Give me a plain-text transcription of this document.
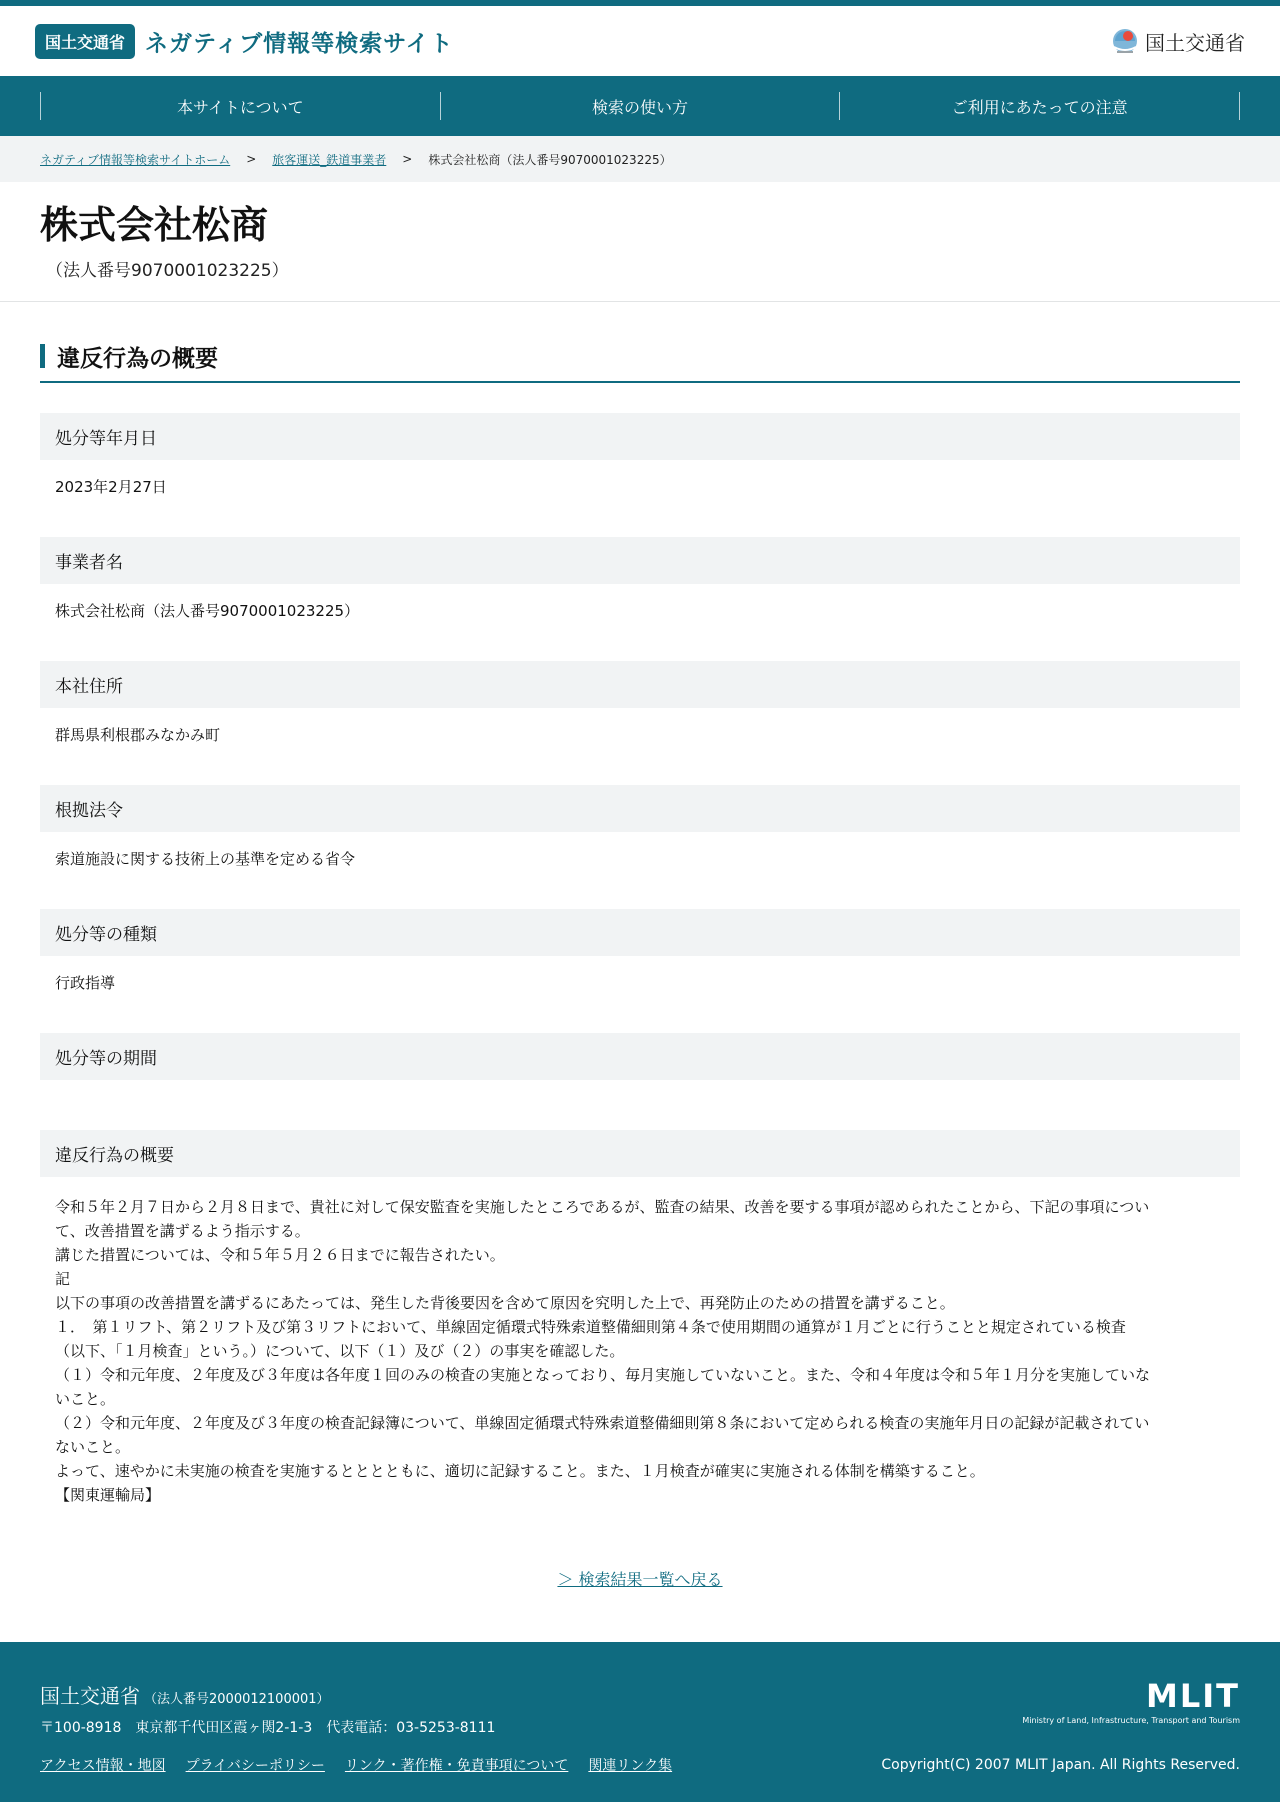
国土交通省 ネガティブ情報等検索サイト	国土交通省
本サイトについて	検索の使い方	ご利用にあたっての注意
ネガティブ情報等検索サイトホーム > 旅客運送_鉄道事業者 > 株式会社松商（法人番号9070001023225）
株式会社松商
（法人番号9070001023225）
違反行為の概要
処分等年月日
2023年2月27日
事業者名
株式会社松商（法人番号9070001023225）
本社住所
群馬県利根郡みなかみ町
根拠法令
索道施設に関する技術上の基準を定める省令
処分等の種類
行政指導
処分等の期間
違反行為の概要

令和５年２月７日から２月８日まで、貴社に対して保安監査を実施したところであるが、監査の結果、改善を要する事項が認められたことから、下記の事項につい

て、改善措置を講ずるよう指示する。

講じた措置については、令和５年５月２６日までに報告されたい。

記

以下の事項の改善措置を講ずるにあたっては、発生した背後要因を含めて原因を究明した上で、再発防止のための措置を講ずること。

１．　第１リフト、第２リフト及び第３リフトにおいて、単線固定循環式特殊索道整備細則第４条で使用期間の通算が１月ごとに行うことと規定されている検査

（以下、「１月検査」という。）について、以下（１）及び（２）の事実を確認した。

（１）令和元年度、２年度及び３年度は各年度１回のみの検査の実施となっており、毎月実施していないこと。また、令和４年度は令和５年１月分を実施していな

いこと。

（２）令和元年度、２年度及び３年度の検査記録簿について、単線固定循環式特殊索道整備細則第８条において定められる検査の実施年月日の記録が記載されてい

ないこと。

よって、速やかに未実施の検査を実施するとととともに、適切に記録すること。また、１月検査が確実に実施される体制を構築すること。

【関東運輸局】

＞ 検索結果一覧へ戻る
国土交通省 （法人番号2000012100001）
〒100-8918　東京都千代田区霞ヶ関2-1-3　代表電話：03-5253-8111
アクセス情報・地図 プライバシーポリシー リンク・著作権・免責事項について 関連リンク集
MLIT
Ministry of Land, Infrastructure, Transport and Tourism
Copyright(C) 2007 MLIT Japan. All Rights Reserved.
